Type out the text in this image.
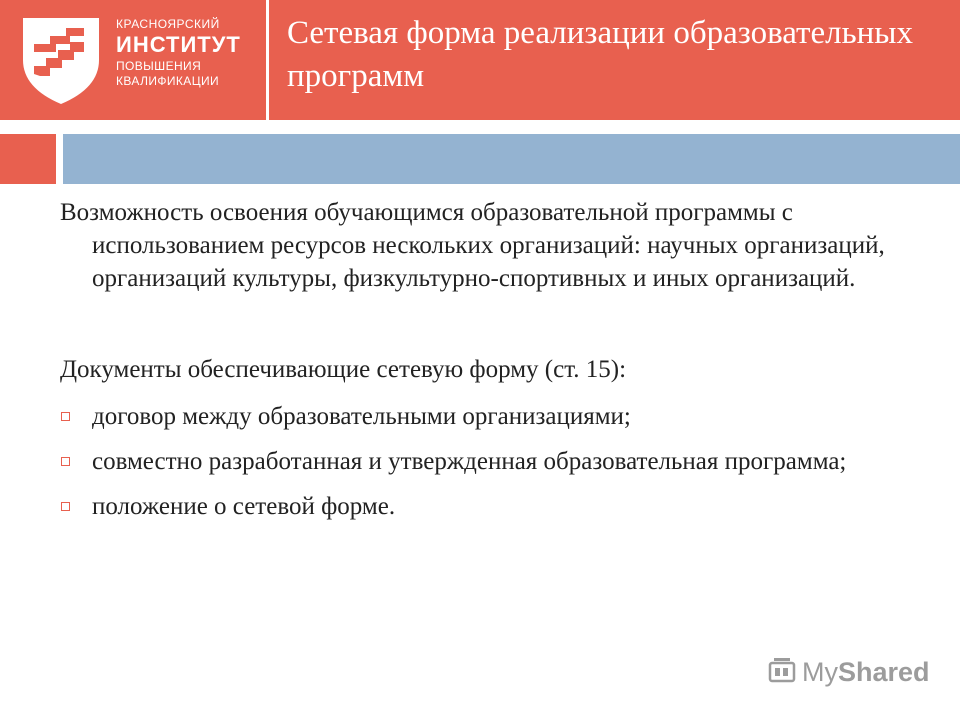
КРАСНОЯРСКИЙ
ИНСТИТУТ
ПОВЫШЕНИЯ
КВАЛИФИКАЦИИ
Сетевая форма реализации образовательных программ

Возможность освоения обучающимся образовательной программы с использованием ресурсов нескольких организаций: научных организаций, организаций культуры, физкультурно-спортивных и иных организаций.

Документы обеспечивающие сетевую форму (ст. 15):

договор между образовательными организациями;
совместно разработанная и утвержденная образовательная программа;
положение о сетевой форме.
MyShared
